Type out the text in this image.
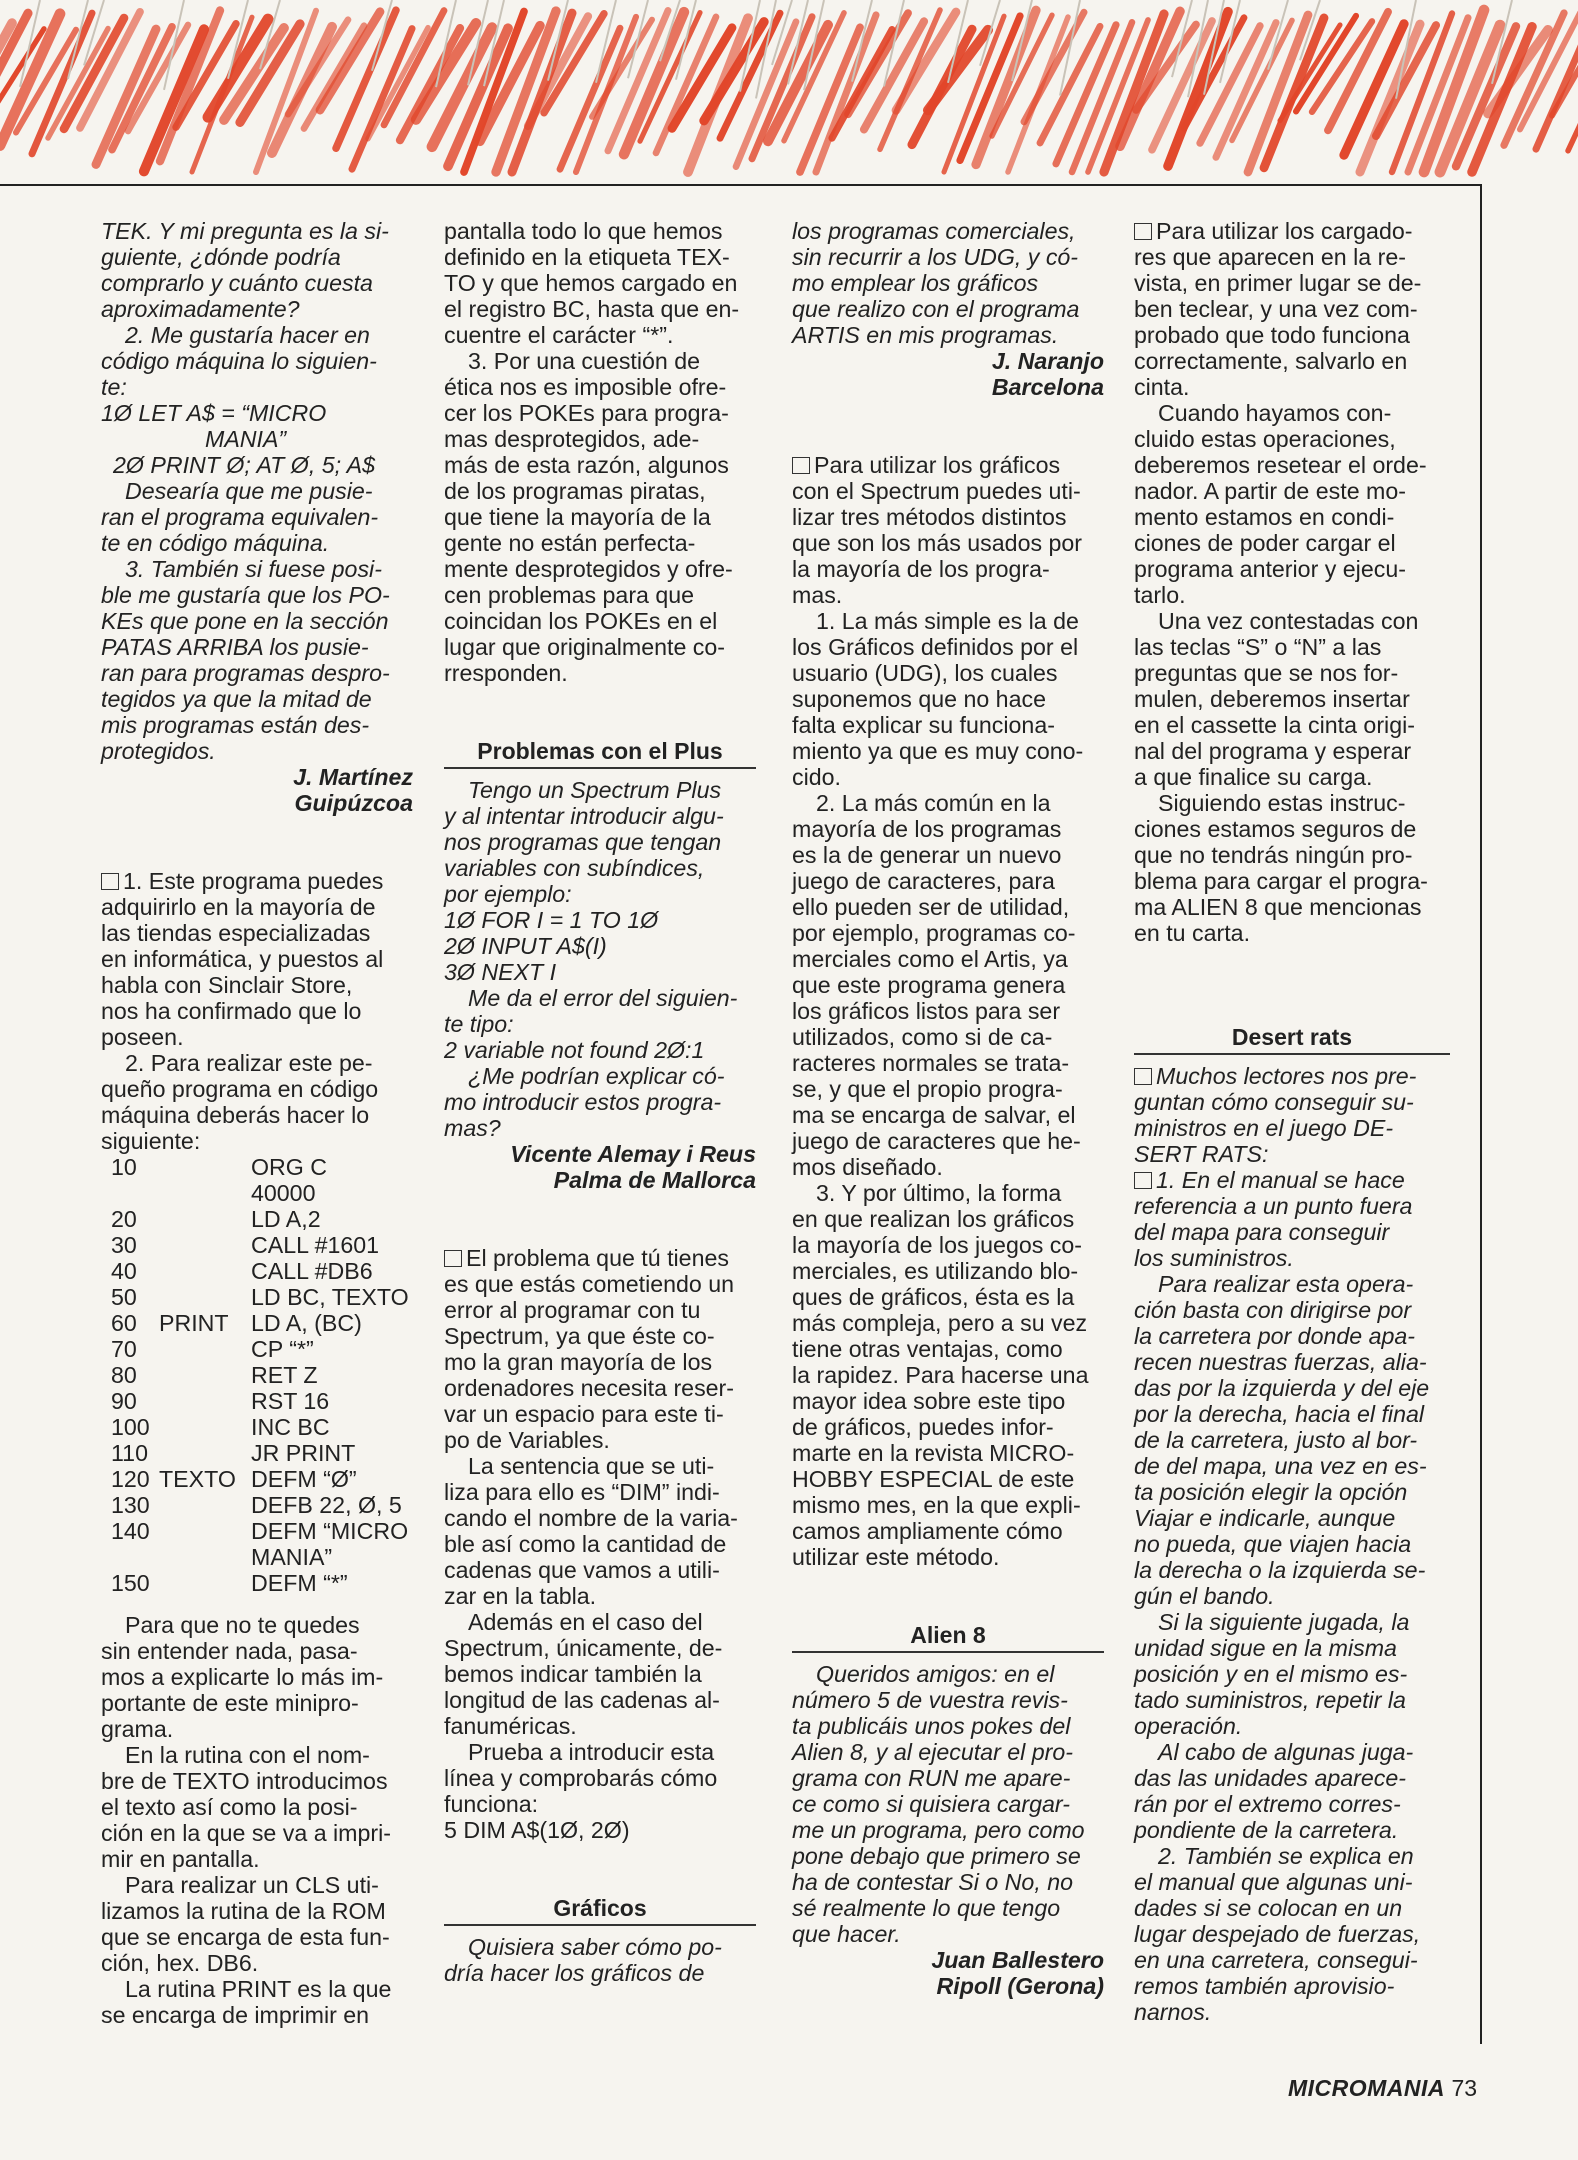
TEK. Y mi pregunta es la si-

guiente, ¿dónde podría

comprarlo y cuánto cuesta

aproximadamente?

2. Me gustaría hacer en

código máquina lo siguien-

te:

1Ø LET A$ = “MICRO

MANIA”

2Ø PRINT Ø; AT Ø, 5; A$

Desearía que me pusie-

ran el programa equivalen-

te en código máquina.

3. También si fuese posi-

ble me gustaría que los PO-

KEs que pone en la sección

PATAS ARRIBA los pusie-

ran para programas despro-

tegidos ya que la mitad de

mis programas están des-

protegidos.

J. Martínez

Guipúzcoa

1. Este programa puedes

adquirirlo en la mayoría de

las tiendas especializadas

en informática, y puestos al

habla con Sinclair Store,

nos ha confirmado que lo

poseen.

2. Para realizar este pe-

queño programa en código

máquina deberás hacer lo

siguiente:

10	ORG C
40000
20	LD A,2
30	CALL #1601
40	CALL #DB6
50	LD BC, TEXTO
60 PRINT LD A, (BC)
70	CP “*”
80	RET Z
90	RST 16
100	INC BC
110	JR PRINT
120 TEXTO DEFM “Ø”
130	DEFB 22, Ø, 5
140	DEFM “MICRO
MANIA”
150	DEFM “*”

Para que no te quedes

sin entender nada, pasa-

mos a explicarte lo más im-

portante de este minipro-

grama.

En la rutina con el nom-

bre de TEXTO introducimos

el texto así como la posi-

ción en la que se va a impri-

mir en pantalla.

Para realizar un CLS uti-

lizamos la rutina de la ROM

que se encarga de esta fun-

ción, hex. DB6.

La rutina PRINT es la que

se encarga de imprimir en

pantalla todo lo que hemos

definido en la etiqueta TEX-

TO y que hemos cargado en

el registro BC, hasta que en-

cuentre el carácter “*”.

3. Por una cuestión de

ética nos es imposible ofre-

cer los POKEs para progra-

mas desprotegidos, ade-

más de esta razón, algunos

de los programas piratas,

que tiene la mayoría de la

gente no están perfecta-

mente desprotegidos y ofre-

cen problemas para que

coincidan los POKEs en el

lugar que originalmente co-

rresponden.

Problemas con el Plus

Tengo un Spectrum Plus

y al intentar introducir algu-

nos programas que tengan

variables con subíndices,

por ejemplo:

1Ø FOR I = 1 TO 1Ø

2Ø INPUT A$(I)

3Ø NEXT I

Me da el error del siguien-

te tipo:

2 variable not found 2Ø:1

¿Me podrían explicar có-

mo introducir estos progra-

mas?

Vicente Alemay i Reus

Palma de Mallorca

El problema que tú tienes

es que estás cometiendo un

error al programar con tu

Spectrum, ya que éste co-

mo la gran mayoría de los

ordenadores necesita reser-

var un espacio para este ti-

po de Variables.

La sentencia que se uti-

liza para ello es “DIM” indi-

cando el nombre de la varia-

ble así como la cantidad de

cadenas que vamos a utili-

zar en la tabla.

Además en el caso del

Spectrum, únicamente, de-

bemos indicar también la

longitud de las cadenas al-

fanuméricas.

Prueba a introducir esta

línea y comprobarás cómo

funciona:

5 DIM A$(1Ø, 2Ø)

Gráficos

Quisiera saber cómo po-

dría hacer los gráficos de

los programas comerciales,

sin recurrir a los UDG, y có-

mo emplear los gráficos

que realizo con el programa

ARTIS en mis programas.

J. Naranjo

Barcelona

Para utilizar los gráficos

con el Spectrum puedes uti-

lizar tres métodos distintos

que son los más usados por

la mayoría de los progra-

mas.

1. La más simple es la de

los Gráficos definidos por el

usuario (UDG), los cuales

suponemos que no hace

falta explicar su funciona-

miento ya que es muy cono-

cido.

2. La más común en la

mayoría de los programas

es la de generar un nuevo

juego de caracteres, para

ello pueden ser de utilidad,

por ejemplo, programas co-

merciales como el Artis, ya

que este programa genera

los gráficos listos para ser

utilizados, como si de ca-

racteres normales se trata-

se, y que el propio progra-

ma se encarga de salvar, el

juego de caracteres que he-

mos diseñado.

3. Y por último, la forma

en que realizan los gráficos

la mayoría de los juegos co-

merciales, es utilizando blo-

ques de gráficos, ésta es la

más compleja, pero a su vez

tiene otras ventajas, como

la rapidez. Para hacerse una

mayor idea sobre este tipo

de gráficos, puedes infor-

marte en la revista MICRO-

HOBBY ESPECIAL de este

mismo mes, en la que expli-

camos ampliamente cómo

utilizar este método.

Alien 8

Queridos amigos: en el

número 5 de vuestra revis-

ta publicáis unos pokes del

Alien 8, y al ejecutar el pro-

grama con RUN me apare-

ce como si quisiera cargar-

me un programa, pero como

pone debajo que primero se

ha de contestar Si o No, no

sé realmente lo que tengo

que hacer.

Juan Ballestero

Ripoll (Gerona)

Para utilizar los cargado-

res que aparecen en la re-

vista, en primer lugar se de-

ben teclear, y una vez com-

probado que todo funciona

correctamente, salvarlo en

cinta.

Cuando hayamos con-

cluido estas operaciones,

deberemos resetear el orde-

nador. A partir de este mo-

mento estamos en condi-

ciones de poder cargar el

programa anterior y ejecu-

tarlo.

Una vez contestadas con

las teclas “S” o “N” a las

preguntas que se nos for-

mulen, deberemos insertar

en el cassette la cinta origi-

nal del programa y esperar

a que finalice su carga.

Siguiendo estas instruc-

ciones estamos seguros de

que no tendrás ningún pro-

blema para cargar el progra-

ma ALIEN 8 que mencionas

en tu carta.

Desert rats

Muchos lectores nos pre-

guntan cómo conseguir su-

ministros en el juego DE-

SERT RATS:

1. En el manual se hace

referencia a un punto fuera

del mapa para conseguir

los suministros.

Para realizar esta opera-

ción basta con dirigirse por

la carretera por donde apa-

recen nuestras fuerzas, alia-

das por la izquierda y del eje

por la derecha, hacia el final

de la carretera, justo al bor-

de del mapa, una vez en es-

ta posición elegir la opción

Viajar e indicarle, aunque

no pueda, que viajen hacia

la derecha o la izquierda se-

gún el bando.

Si la siguiente jugada, la

unidad sigue en la misma

posición y en el mismo es-

tado suministros, repetir la

operación.

Al cabo de algunas juga-

das las unidades aparece-

rán por el extremo corres-

pondiente de la carretera.

2. También se explica en

el manual que algunas uni-

dades si se colocan en un

lugar despejado de fuerzas,

en una carretera, consegui-

remos también aprovisio-

narnos.

MICROMANIA 73
